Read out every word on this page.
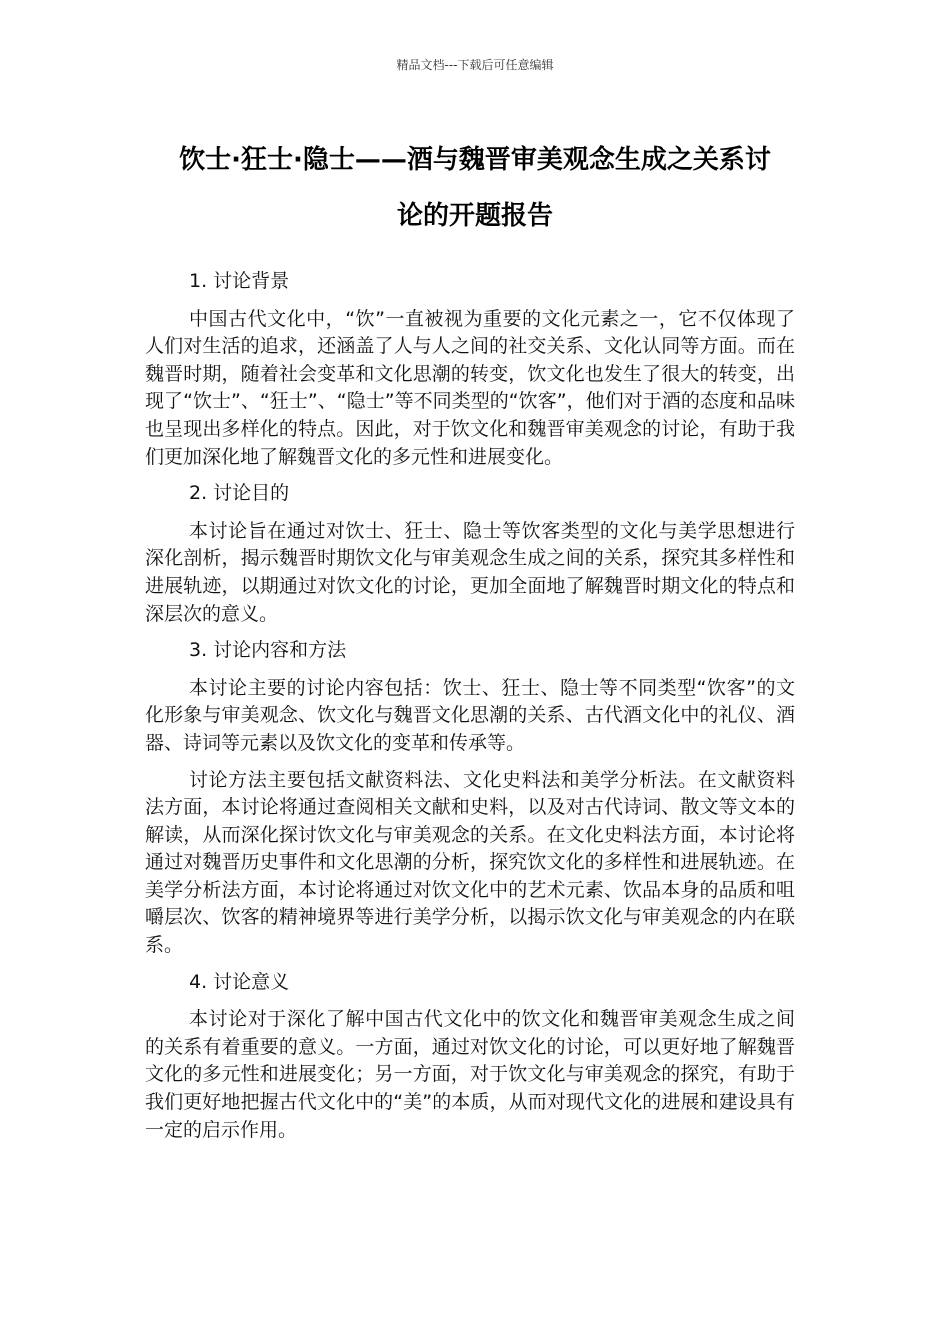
精品文档---下载后可任意编辑
饮士·狂士·隐士——酒与魏晋审美观念生成之关系讨
论的开题报告

1. 讨论背景

中国古代文化中，“饮”一直被视为重要的文化元素之一，它不仅体现了人们对生活的追求，还涵盖了人与人之间的社交关系、文化认同等方面。而在魏晋时期，随着社会变革和文化思潮的转变，饮文化也发生了很大的转变，出现了“饮士”、“狂士”、“隐士”等不同类型的“饮客”，他们对于酒的态度和品味也呈现出多样化的特点。因此，对于饮文化和魏晋审美观念的讨论，有助于我们更加深化地了解魏晋文化的多元性和进展变化。

2. 讨论目的

本讨论旨在通过对饮士、狂士、隐士等饮客类型的文化与美学思想进行深化剖析，揭示魏晋时期饮文化与审美观念生成之间的关系，探究其多样性和进展轨迹，以期通过对饮文化的讨论，更加全面地了解魏晋时期文化的特点和深层次的意义。

3. 讨论内容和方法

本讨论主要的讨论内容包括：饮士、狂士、隐士等不同类型“饮客”的文化形象与审美观念、饮文化与魏晋文化思潮的关系、古代酒文化中的礼仪、酒器、诗词等元素以及饮文化的变革和传承等。

讨论方法主要包括文献资料法、文化史料法和美学分析法。在文献资料法方面，本讨论将通过查阅相关文献和史料，以及对古代诗词、散文等文本的解读，从而深化探讨饮文化与审美观念的关系。在文化史料法方面，本讨论将通过对魏晋历史事件和文化思潮的分析，探究饮文化的多样性和进展轨迹。在美学分析法方面，本讨论将通过对饮文化中的艺术元素、饮品本身的品质和咀嚼层次、饮客的精神境界等进行美学分析，以揭示饮文化与审美观念的内在联系。

4. 讨论意义

本讨论对于深化了解中国古代文化中的饮文化和魏晋审美观念生成之间的关系有着重要的意义。一方面，通过对饮文化的讨论，可以更好地了解魏晋文化的多元性和进展变化；另一方面，对于饮文化与审美观念的探究，有助于我们更好地把握古代文化中的“美”的本质，从而对现代文化的进展和建设具有一定的启示作用。
